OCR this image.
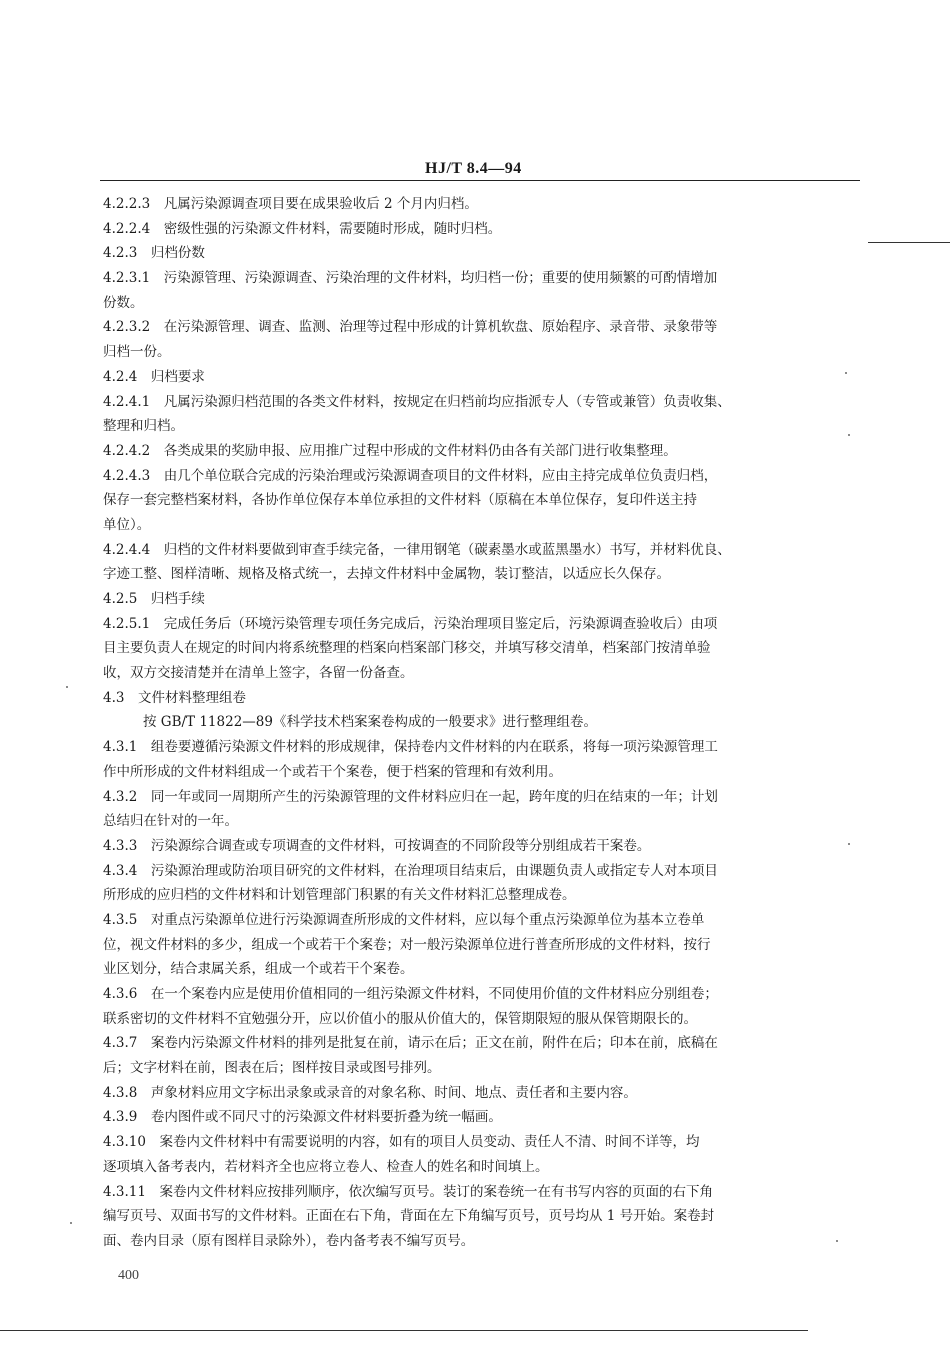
HJ/T 8.4—94
4.2.2.3　凡属污染源调查项目要在成果验收后 2 个月内归档。
4.2.2.4　密级性强的污染源文件材料，需要随时形成，随时归档。
4.2.3　归档份数
4.2.3.1　污染源管理、污染源调查、污染治理的文件材料，均归档一份；重要的使用频繁的可酌情增加
份数。
4.2.3.2　在污染源管理、调查、监测、治理等过程中形成的计算机软盘、原始程序、录音带、录象带等
归档一份。
4.2.4　归档要求
4.2.4.1　凡属污染源归档范围的各类文件材料，按规定在归档前均应指派专人（专管或兼管）负责收集、
整理和归档。
4.2.4.2　各类成果的奖励申报、应用推广过程中形成的文件材料仍由各有关部门进行收集整理。
4.2.4.3　由几个单位联合完成的污染治理或污染源调查项目的文件材料，应由主持完成单位负责归档，
保存一套完整档案材料，各协作单位保存本单位承担的文件材料（原稿在本单位保存，复印件送主持
单位）。
4.2.4.4　归档的文件材料要做到审查手续完备，一律用钢笔（碳素墨水或蓝黑墨水）书写，并材料优良、
字迹工整、图样清晰、规格及格式统一，去掉文件材料中金属物，装订整洁，以适应长久保存。
4.2.5　归档手续
4.2.5.1　完成任务后（环境污染管理专项任务完成后，污染治理项目鉴定后，污染源调查验收后）由项
目主要负责人在规定的时间内将系统整理的档案向档案部门移交，并填写移交清单，档案部门按清单验
收，双方交接清楚并在清单上签字，各留一份备查。
4.3　文件材料整理组卷
按 GB/T 11822—89《科学技术档案案卷构成的一般要求》进行整理组卷。
4.3.1　组卷要遵循污染源文件材料的形成规律，保持卷内文件材料的内在联系，将每一项污染源管理工
作中所形成的文件材料组成一个或若干个案卷，便于档案的管理和有效利用。
4.3.2　同一年或同一周期所产生的污染源管理的文件材料应归在一起，跨年度的归在结束的一年；计划
总结归在针对的一年。
4.3.3　污染源综合调查或专项调查的文件材料，可按调查的不同阶段等分别组成若干案卷。
4.3.4　污染源治理或防治项目研究的文件材料，在治理项目结束后，由课题负责人或指定专人对本项目
所形成的应归档的文件材料和计划管理部门积累的有关文件材料汇总整理成卷。
4.3.5　对重点污染源单位进行污染源调查所形成的文件材料，应以每个重点污染源单位为基本立卷单
位，视文件材料的多少，组成一个或若干个案卷；对一般污染源单位进行普查所形成的文件材料，按行
业区划分，结合隶属关系，组成一个或若干个案卷。
4.3.6　在一个案卷内应是使用价值相同的一组污染源文件材料，不同使用价值的文件材料应分别组卷；
联系密切的文件材料不宜勉强分开，应以价值小的服从价值大的，保管期限短的服从保管期限长的。
4.3.7　案卷内污染源文件材料的排列是批复在前，请示在后；正文在前，附件在后；印本在前，底稿在
后；文字材料在前，图表在后；图样按目录或图号排列。
4.3.8　声象材料应用文字标出录象或录音的对象名称、时间、地点、责任者和主要内容。
4.3.9　卷内图件或不同尺寸的污染源文件材料要折叠为统一幅画。
4.3.10　案卷内文件材料中有需要说明的内容，如有的项目人员变动、责任人不清、时间不详等，均
逐项填入备考表内，若材料齐全也应将立卷人、检查人的姓名和时间填上。
4.3.11　案卷内文件材料应按排列顺序，依次编写页号。装订的案卷统一在有书写内容的页面的右下角
编写页号、双面书写的文件材料。正面在右下角，背面在左下角编写页号，页号均从 1 号开始。案卷封
面、卷内目录（原有图样目录除外），卷内备考表不编写页号。
400
